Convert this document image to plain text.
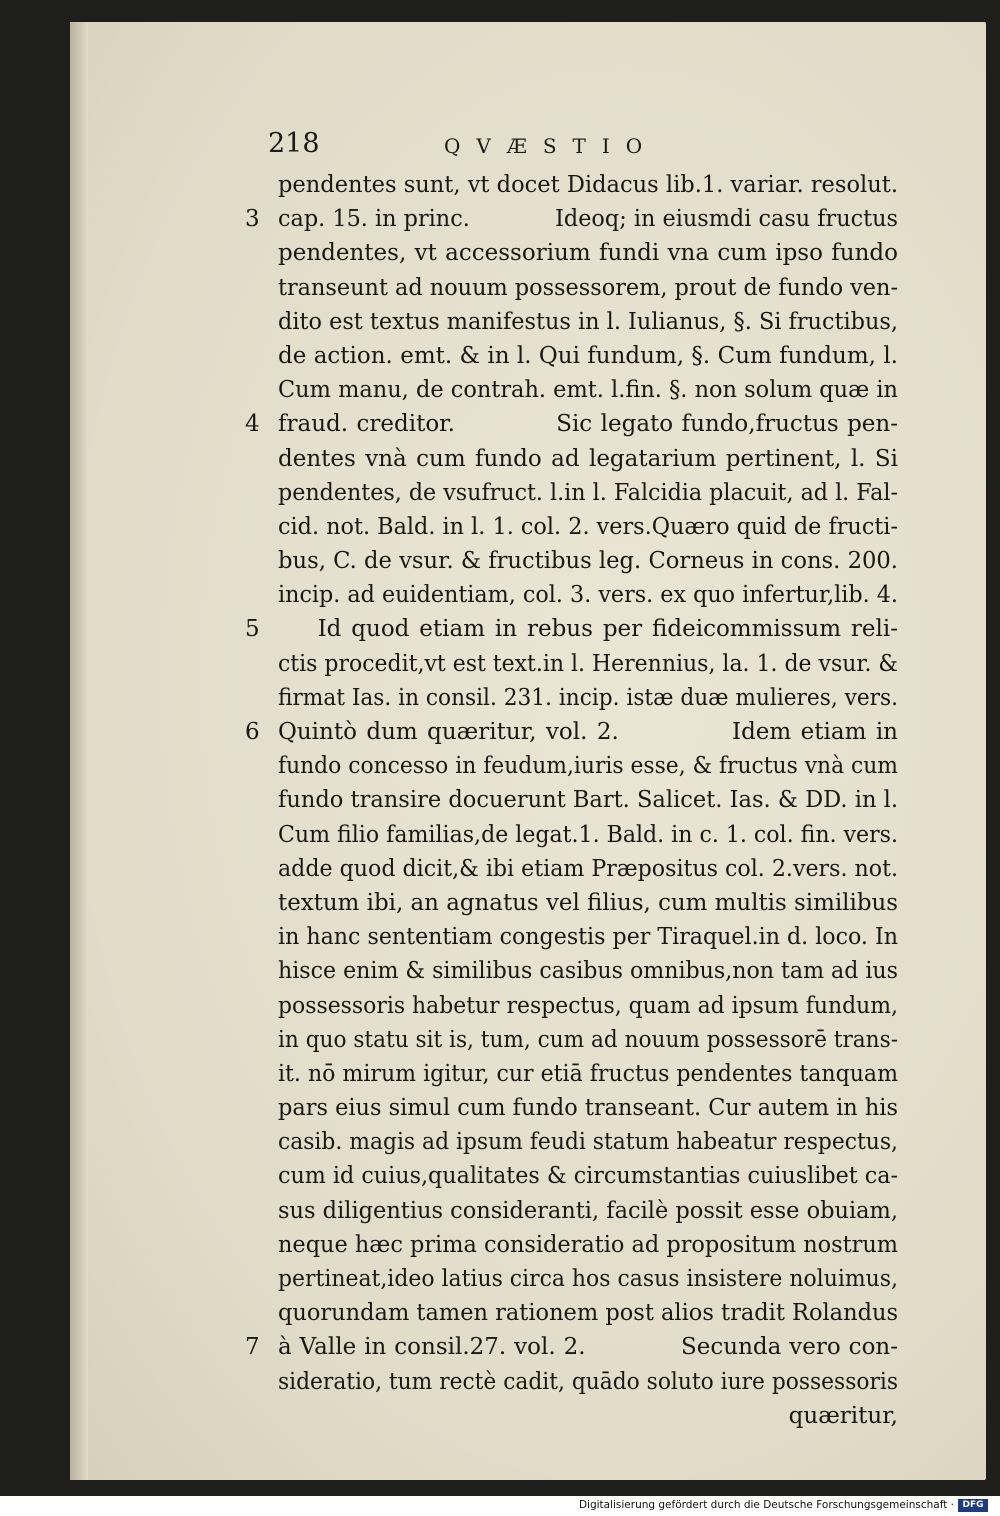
218	QVÆSTIO
pendentes sunt, vt docet Didacus lib.1. variar. resolut.
3 cap. 15. in princ.            Ideoq; in eiusmdi casu fructus
pendentes, vt accessorium fundi vna cum ipso fundo
transeunt ad nouum possessorem, prout de fundo ven-
dito est textus manifestus in l. Iulianus, §. Si fructibus,
de action. emt. & in l. Qui fundum, §. Cum fundum, l.
Cum manu, de contrah. emt. l.fin. §. non solum quæ in
4 fraud. creditor.            Sic legato fundo,fructus pen-
dentes vnà cum fundo ad legatarium pertinent, l. Si
pendentes, de vsufruct. l.in l. Falcidia placuit, ad l. Fal-
cid. not. Bald. in l. 1. col. 2. vers.Quæro quid de fructi-
bus, C. de vsur. & fructibus leg. Corneus in cons. 200.
incip. ad euidentiam, col. 3. vers. ex quo infertur,lib. 4.
5 Id quod etiam in rebus per fideicommissum reli-
ctis procedit,vt est text.in l. Herennius, la. 1. de vsur. &
firmat Ias. in consil. 231. incip. istæ duæ mulieres, vers.
6 Quintò dum quæritur, vol. 2.            Idem etiam in
fundo concesso in feudum,iuris esse, & fructus vnà cum
fundo transire docuerunt Bart. Salicet. Ias. & DD. in l.
Cum filio familias,de legat.1. Bald. in c. 1. col. fin. vers.
adde quod dicit,& ibi etiam Præpositus col. 2.vers. not.
textum ibi, an agnatus vel filius, cum multis similibus
in hanc sententiam congestis per Tiraquel.in d. loco. In
hisce enim & similibus casibus omnibus,non tam ad ius
possessoris habetur respectus, quam ad ipsum fundum,
in quo statu sit is, tum, cum ad nouum possessorē trans-
it. nō mirum igitur, cur etiā fructus pendentes tanquam
pars eius simul cum fundo transeant. Cur autem in his
casib. magis ad ipsum feudi statum habeatur respectus,
cum id cuius,qualitates & circumstantias cuiuslibet ca-
sus diligentius consideranti, facilè possit esse obuiam,
neque hæc prima consideratio ad propositum nostrum
pertineat,ideo latius circa hos casus insistere noluimus,
quorundam tamen rationem post alios tradit Rolandus
7 à Valle in consil.27. vol. 2.            Secunda vero con-
sideratio, tum rectè cadit, quādo soluto iure possessoris
quæritur,
Digitalisierung gefördert durch die Deutsche Forschungsgemeinschaft · DFG
